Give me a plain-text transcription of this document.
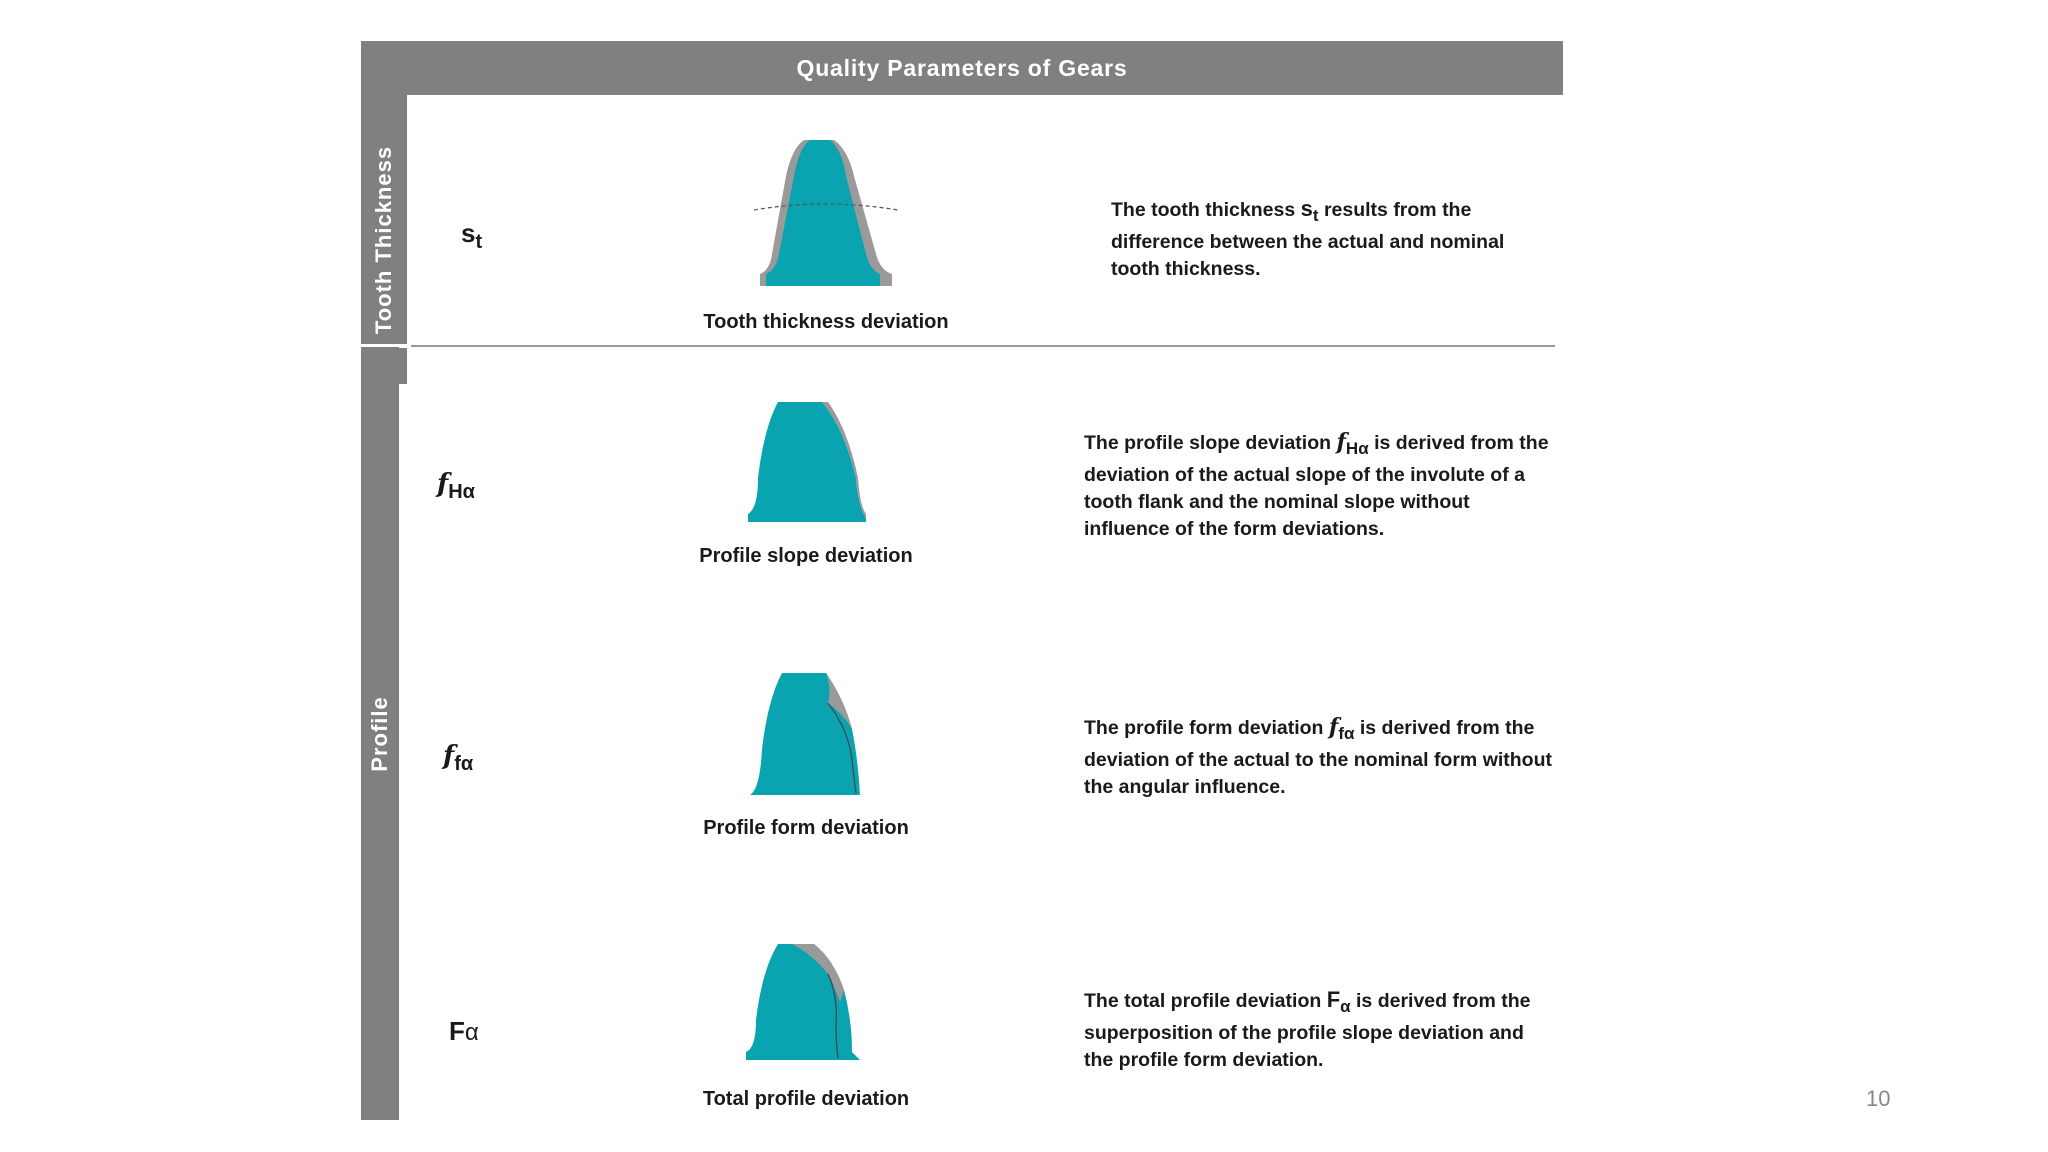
Quality Parameters of Gears
Tooth Thickness
Profile
$s_t$
Tooth thickness deviation
The tooth thickness $s_t$ results from the difference between the actual and nominal tooth thickness.
$f_{H\alpha}$
Profile slope deviation
The profile slope deviation $f_{H\alpha}$ is derived from the deviation of the actual slope of the involute of a tooth flank and the nominal slope without influence of the form deviations.
$f_{f\alpha}$
Profile form deviation
The profile form deviation $f_{f\alpha}$ is derived from the deviation of the actual to the nominal form without the angular influence.
Fα
Total profile deviation
The total profile deviation $F_\alpha$ is derived from the superposition of the profile slope deviation and the profile form deviation.
10
